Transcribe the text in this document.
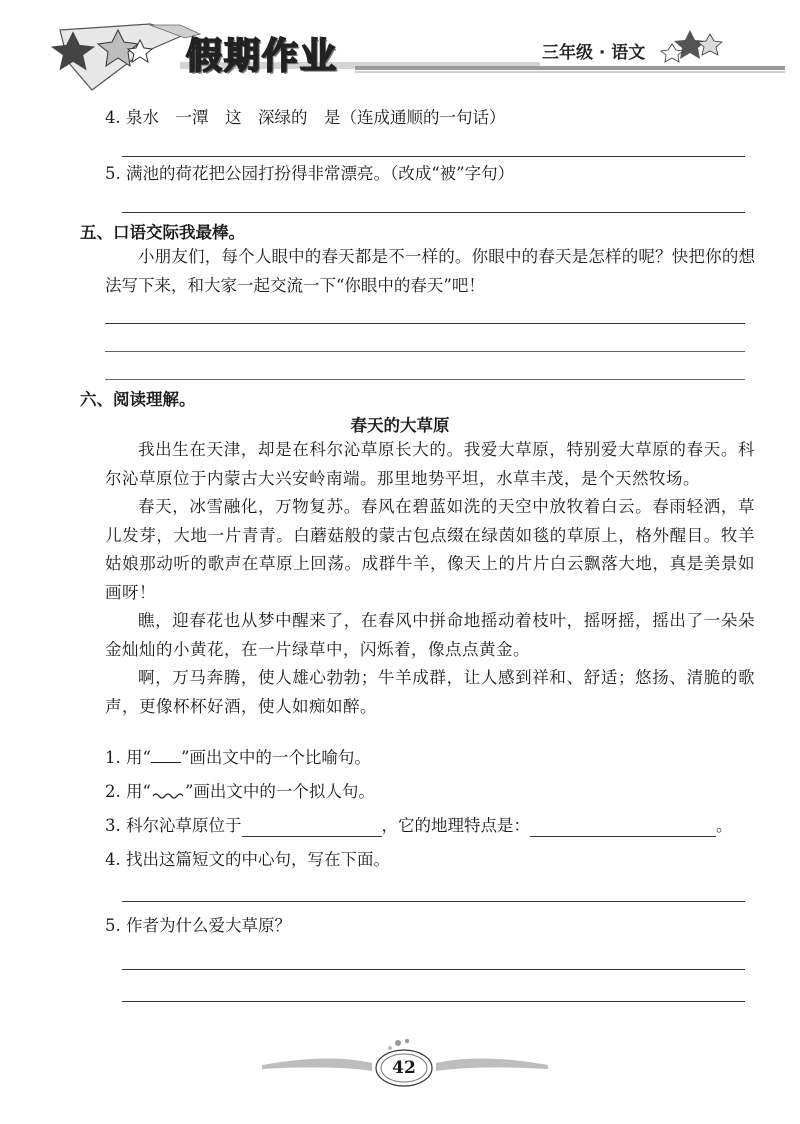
假期作业	三年级 · 语文
4. 泉水　一潭　这　深绿的　是（连成通顺的一句话）
5. 满池的荷花把公园打扮得非常漂亮。（改成“被”字句）
五、口语交际我最棒。

小朋友们，每个人眼中的春天都是不一样的。你眼中的春天是怎样的呢？快把你的想法写下来，和大家一起交流一下“你眼中的春天”吧！

六、阅读理解。
春天的大草原

我出生在天津，却是在科尔沁草原长大的。我爱大草原，特别爱大草原的春天。科尔沁草原位于内蒙古大兴安岭南端。那里地势平坦，水草丰茂，是个天然牧场。

春天，冰雪融化，万物复苏。春风在碧蓝如洗的天空中放牧着白云。春雨轻洒，草儿发芽，大地一片青青。白蘑菇般的蒙古包点缀在绿茵如毯的草原上，格外醒目。牧羊姑娘那动听的歌声在草原上回荡。成群牛羊，像天上的片片白云飘落大地，真是美景如画呀！

瞧，迎春花也从梦中醒来了，在春风中拼命地摇动着枝叶，摇呀摇，摇出了一朵朵金灿灿的小黄花，在一片绿草中，闪烁着，像点点黄金。

啊，万马奔腾，使人雄心勃勃；牛羊成群，让人感到祥和、舒适；悠扬、清脆的歌声，更像杯杯好酒，使人如痴如醉。

1. 用“ ”画出文中的一个比喻句。
2. 用“ ”画出文中的一个拟人句。
3. 科尔沁草原位于	，它的地理特点是：	。
4. 找出这篇短文的中心句，写在下面。
5. 作者为什么爱大草原？
42
